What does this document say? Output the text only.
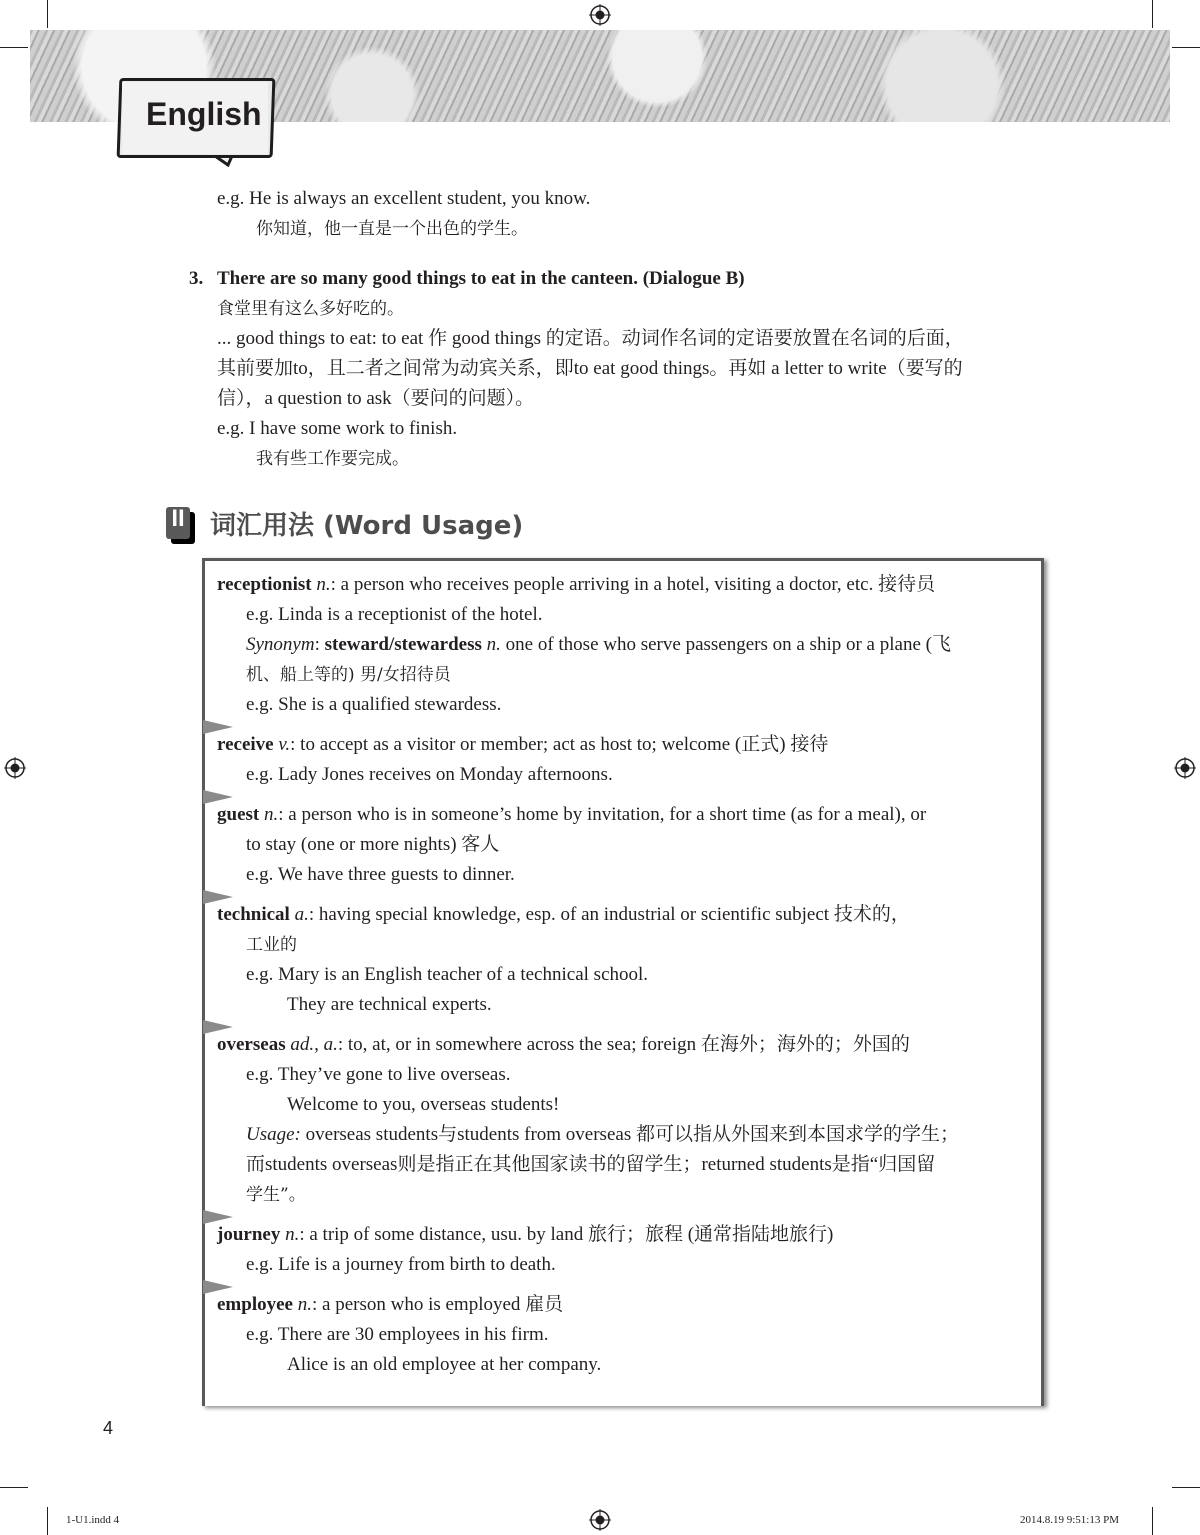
English
e.g. He is always an excellent student, you know.
你知道，他一直是一个出色的学生。
3. There are so many good things to eat in the canteen. (Dialogue B)
食堂里有这么多好吃的。
... good things to eat: to eat 作 good things 的定语。动词作名词的定语要放置在名词的后面，
其前要加to，且二者之间常为动宾关系，即to eat good things。再如 a letter to write（要写的
信），a question to ask（要问的问题）。
e.g. I have some work to finish.
我有些工作要完成。
II 词汇用法 (Word Usage)
receptionist n.: a person who receives people arriving in a hotel, visiting a doctor, etc. 接待员
e.g. Linda is a receptionist of the hotel.
Synonym: steward/stewardess n. one of those who serve passengers on a ship or a plane (飞
机、船上等的) 男/女招待员
e.g. She is a qualified stewardess.
receive v.: to accept as a visitor or member; act as host to; welcome (正式) 接待
e.g. Lady Jones receives on Monday afternoons.
guest n.: a person who is in someone’s home by invitation, for a short time (as for a meal), or
to stay (one or more nights) 客人
e.g. We have three guests to dinner.
technical a.: having special knowledge, esp. of an industrial or scientific subject 技术的，
工业的
e.g. Mary is an English teacher of a technical school.
They are technical experts.
overseas ad., a.: to, at, or in somewhere across the sea; foreign 在海外；海外的；外国的
e.g. They’ve gone to live overseas.
Welcome to you, overseas students!
Usage: overseas students与students from overseas 都可以指从外国来到本国求学的学生；
而students overseas则是指正在其他国家读书的留学生；returned students是指“归国留
学生”。
journey n.: a trip of some distance, usu. by land 旅行；旅程 (通常指陆地旅行)
e.g. Life is a journey from birth to death.
employee n.: a person who is employed 雇员
e.g. There are 30 employees in his firm.
Alice is an old employee at her company.
4
1-U1.indd 4	2014.8.19 9:51:13 PM
